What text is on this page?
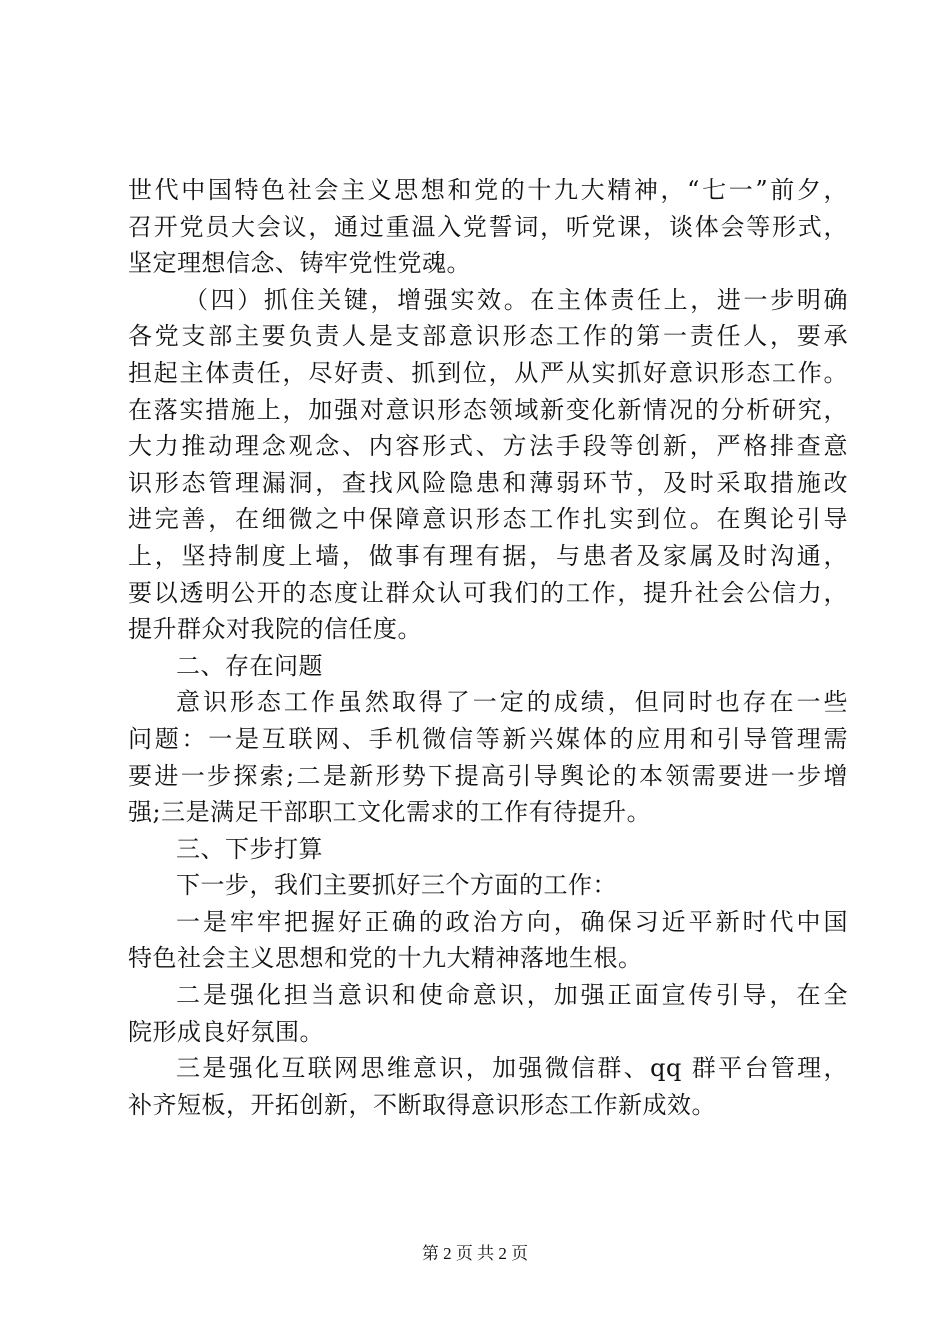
世代中国特色社会主义思想和党的十九大精神，“七一”前夕，
召开党员大会议，通过重温入党誓词，听党课，谈体会等形式，
坚定理想信念、铸牢党性党魂。
（四）抓住关键，增强实效。在主体责任上，进一步明确
各党支部主要负责人是支部意识形态工作的第一责任人，要承
担起主体责任，尽好责、抓到位，从严从实抓好意识形态工作。
在落实措施上，加强对意识形态领域新变化新情况的分析研究，
大力推动理念观念、内容形式、方法手段等创新，严格排查意
识形态管理漏洞，查找风险隐患和薄弱环节，及时采取措施改
进完善，在细微之中保障意识形态工作扎实到位。在舆论引导
上，坚持制度上墙，做事有理有据，与患者及家属及时沟通，
要以透明公开的态度让群众认可我们的工作，提升社会公信力，
提升群众对我院的信任度。
二、存在问题
意识形态工作虽然取得了一定的成绩，但同时也存在一些
问题：一是互联网、手机微信等新兴媒体的应用和引导管理需
要进一步探索;二是新形势下提高引导舆论的本领需要进一步增
强;三是满足干部职工文化需求的工作有待提升。
三、下步打算
下一步，我们主要抓好三个方面的工作：
一是牢牢把握好正确的政治方向，确保习近平新时代中国
特色社会主义思想和党的十九大精神落地生根。
二是强化担当意识和使命意识，加强正面宣传引导，在全
院形成良好氛围。
三是强化互联网思维意识，加强微信群、qq 群平台管理，
补齐短板，开拓创新，不断取得意识形态工作新成效。
第 2 页 共 2 页
